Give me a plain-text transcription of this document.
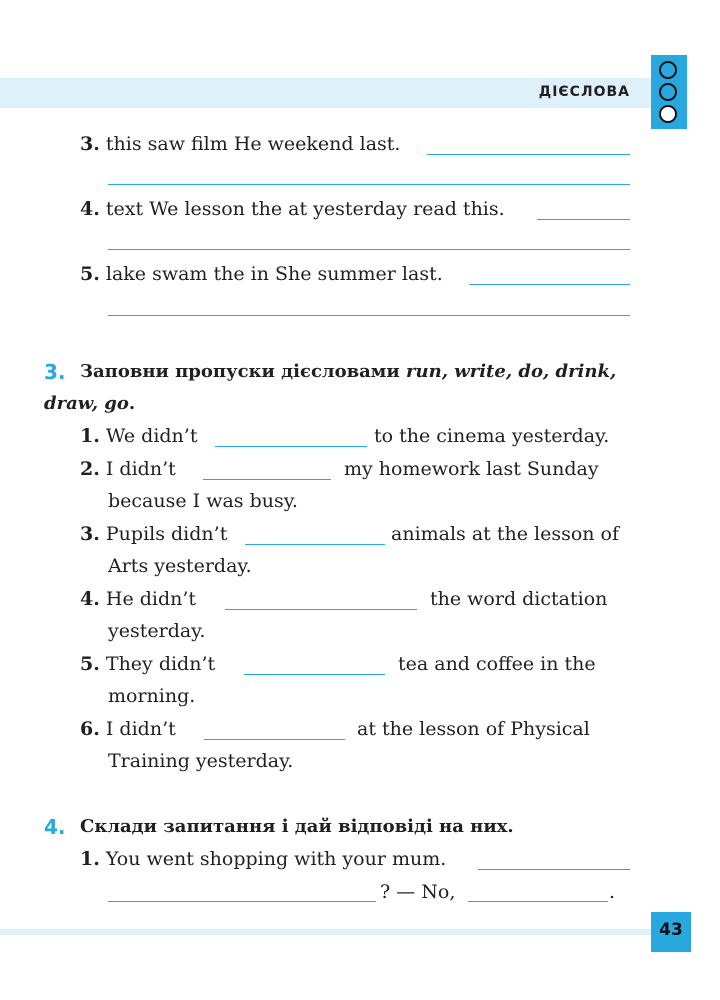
ДІЄСЛОВА
3. this saw film He weekend last.
4. text We lesson the at yesterday read this.
5. lake swam the in She summer last.
3. Заповни пропуски дієсловами run, write, do, drink,
draw, go.
1. We didn’t	to the cinema yesterday.
2. I didn’t	my homework last Sunday
because I was busy.
3. Pupils didn’t	animals at the lesson of
Arts yesterday.
4. He didn’t	the word dictation
yesterday.
5. They didn’t	tea and coffee in the
morning.
6. I didn’t	at the lesson of Physical
Training yesterday.
4. Склади запитання і дай відповіді на них.
1. You went shopping with your mum.
? — No,	.
43
